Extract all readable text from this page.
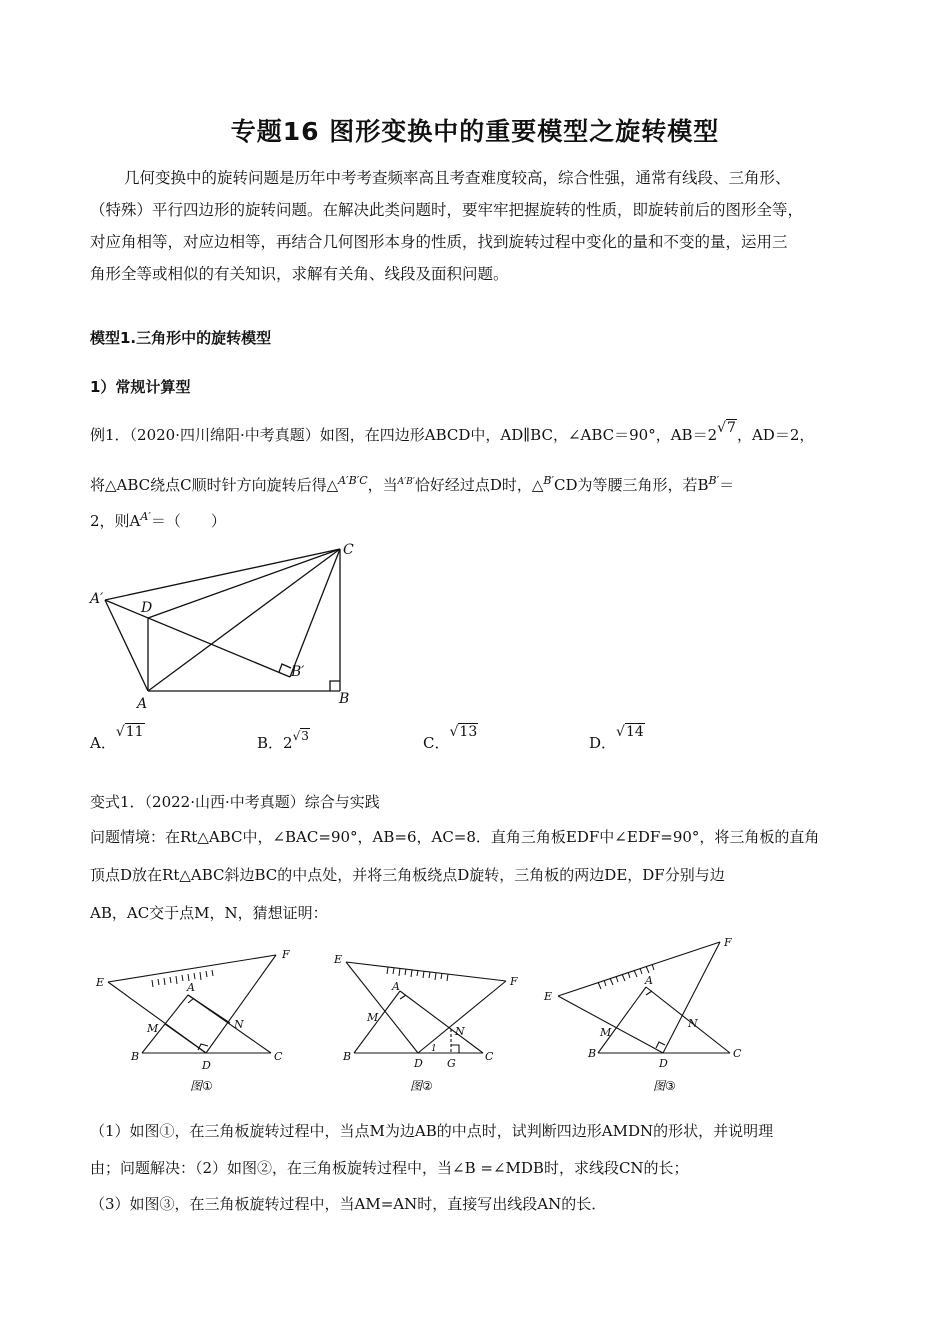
专题16 图形变换中的重要模型之旋转模型

几何变换中的旋转问题是历年中考考查频率高且考查难度较高，综合性强，通常有线段、三角形、

（特殊）平行四边形的旋转问题。在解决此类问题时，要牢牢把握旋转的性质，即旋转前后的图形全等，

对应角相等，对应边相等，再结合几何图形本身的性质，找到旋转过程中变化的量和不变的量，运用三

角形全等或相似的有关知识，求解有关角、线段及面积问题。

模型1.三角形中的旋转模型
1）常规计算型
例1．（2020·四川绵阳·中考真题）如图，在四边形ABCD中，AD∥BC，∠ABC＝90°，AB＝2√7，AD＝2，
将△ABC绕点C顺时针方向旋转后得△$^{A'B'C}$，当$^{A'B'}$恰好经过点D时，△$^{B'}$CD为等腰三角形，若$B^{B'}=$
2，则$A^{A'}=$（　　）
A′
D
C
B′
A	B
A．√11
B．2√3	C．√13
D．√14
变式1．（2022·山西·中考真题）综合与实践
问题情境：在Rt△ABC中，∠BAC=90°，AB=6，AC=8．直角三角板EDF中∠EDF=90°，将三角板的直角
顶点D放在Rt△ABC斜边BC的中点处，并将三角板绕点D旋转，三角板的两边DE，DF分别与边
AB，AC交于点M，N，猜想证明：
E
F
A
M	N
B
D
C
图①
E
F
A
M
N
B
D
1
G
C
图②
E
F
A
M
N
B
D
C
图③
（1）如图①，在三角板旋转过程中，当点M为边AB的中点时，试判断四边形AMDN的形状，并说明理
由；问题解决：（2）如图②，在三角板旋转过程中，当∠B =∠MDB时，求线段CN的长；
（3）如图③，在三角板旋转过程中，当AM=AN时，直接写出线段AN的长．
